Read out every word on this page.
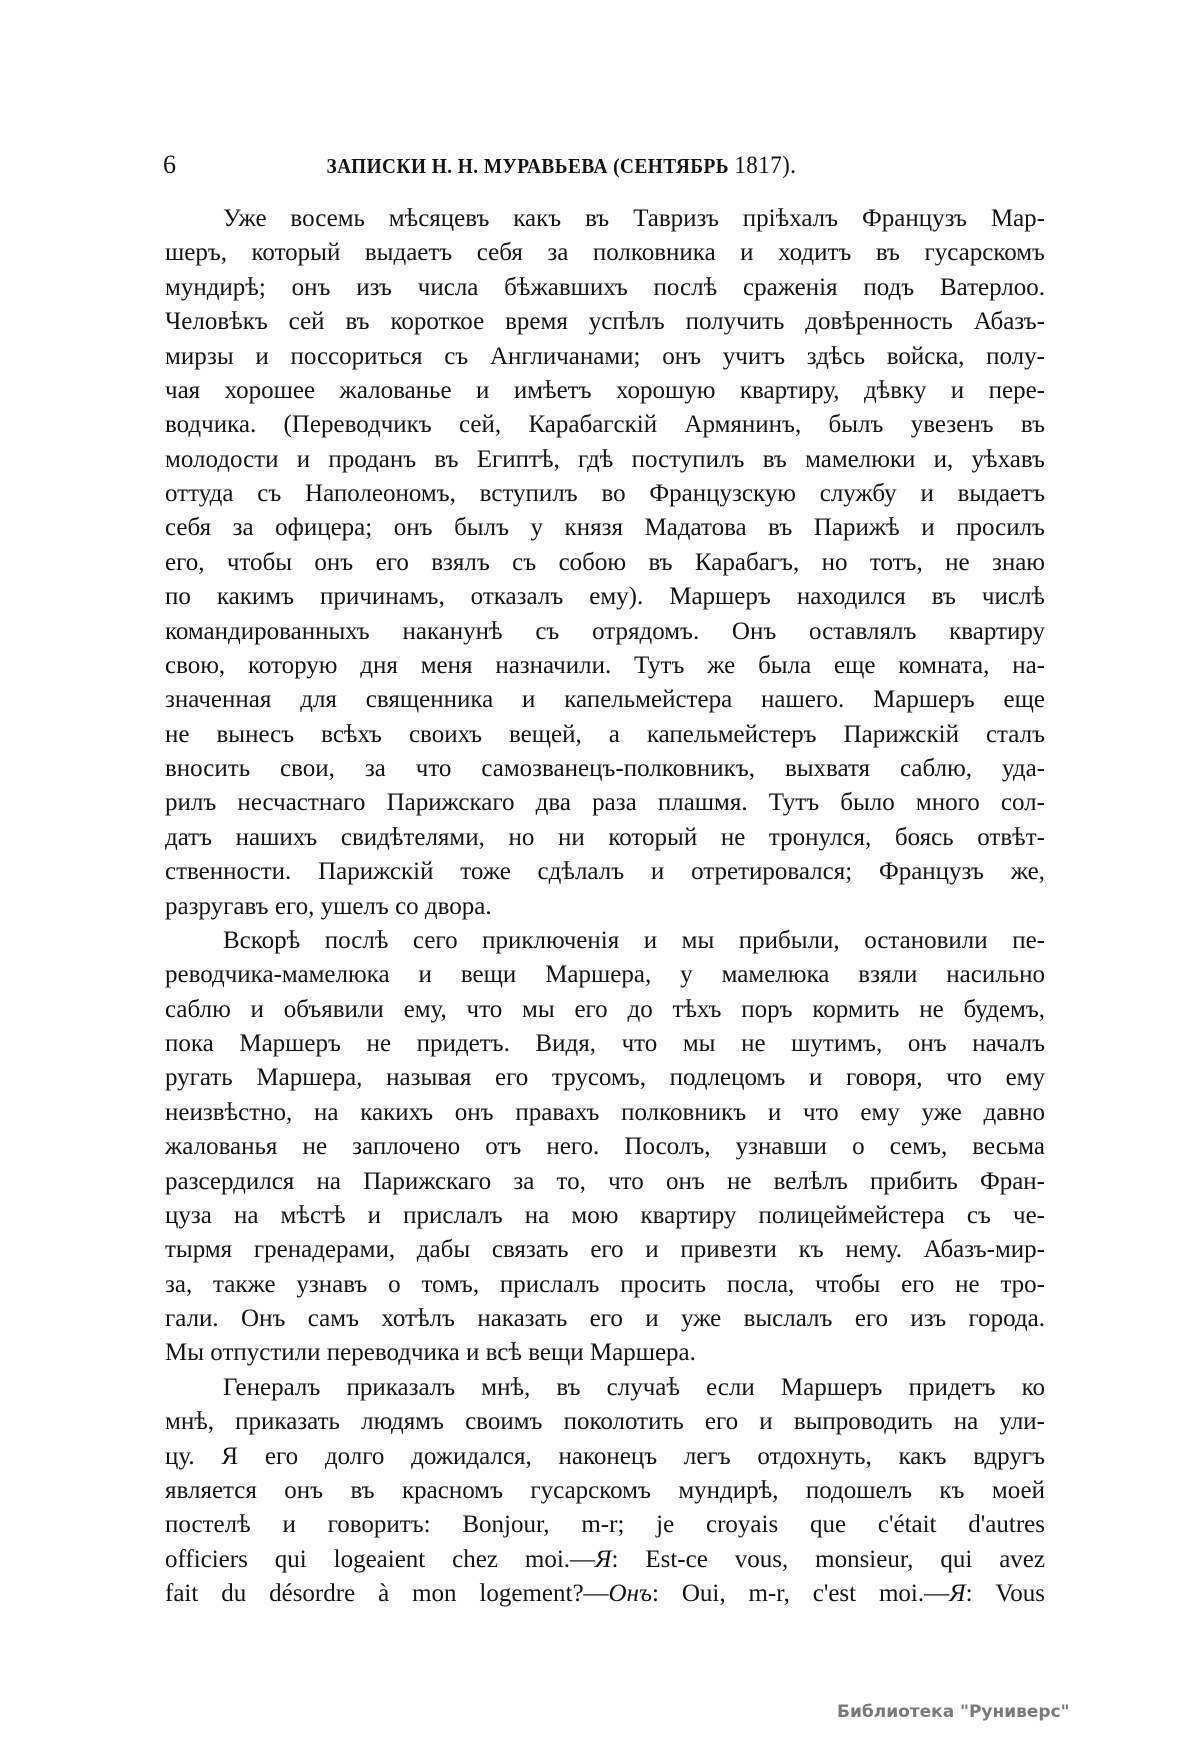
6	ЗАПИСКИ Н. Н. МУРАВЬЕВА (СЕНТЯБРЬ 1817).
Уже восемь мѣсяцевъ какъ въ Тавризъ пріѣхалъ Французъ Мар-
шеръ, который выдаетъ себя за полковника и ходитъ въ гусарскомъ
мундирѣ; онъ изъ числа бѣжавшихъ послѣ сраженія подъ Ватерлоо.
Человѣкъ сей въ короткое время успѣлъ получить довѣренность Абазъ-
мирзы и поссориться съ Англичанами; онъ учитъ здѣсь войска, полу-
чая хорошее жалованье и имѣетъ хорошую квартиру, дѣвку и пере-
водчика. (Переводчикъ сей, Карабагскій Армянинъ, былъ увезенъ въ
молодости и проданъ въ Египтѣ, гдѣ поступилъ въ мамелюки и, уѣхавъ
оттуда съ Наполеономъ, вступилъ во Французскую службу и выдаетъ
себя за офицера; онъ былъ у князя Мадатова въ Парижѣ и просилъ
его, чтобы онъ его взялъ съ собою въ Карабагъ, но тотъ, не знаю
по какимъ причинамъ, отказалъ ему). Маршеръ находился въ числѣ
командированныхъ наканунѣ съ отрядомъ. Онъ оставлялъ квартиру
свою, которую дня меня назначили. Тутъ же была еще комната, на-
значенная для священника и капельмейстера нашего. Маршеръ еще
не вынесъ всѣхъ своихъ вещей, а капельмейстеръ Парижскій сталъ
вносить свои, за что самозванецъ-полковникъ, выхватя саблю, уда-
рилъ несчастнаго Парижскаго два раза плашмя. Тутъ было много сол-
датъ нашихъ свидѣтелями, но ни который не тронулся, боясь отвѣт-
ственности. Парижскій тоже сдѣлалъ и отретировался; Французъ же,
разругавъ его, ушелъ со двора.
Вскорѣ послѣ сего приключенія и мы прибыли, остановили пе-
реводчика-мамелюка и вещи Маршера, у мамелюка взяли насильно
саблю и объявили ему, что мы его до тѣхъ поръ кормить не будемъ,
пока Маршеръ не придетъ. Видя, что мы не шутимъ, онъ началъ
ругать Маршера, называя его трусомъ, подлецомъ и говоря, что ему
неизвѣстно, на какихъ онъ правахъ полковникъ и что ему уже давно
жалованья не заплочено отъ него. Посолъ, узнавши о семъ, весьма
разсердился на Парижскаго за то, что онъ не велѣлъ прибить Фран-
цуза на мѣстѣ и прислалъ на мою квартиру полицеймейстера съ че-
тырмя гренадерами, дабы связать его и привезти къ нему. Абазъ-мир-
за, также узнавъ о томъ, прислалъ просить посла, чтобы его не тро-
гали. Онъ самъ хотѣлъ наказать его и уже выслалъ его изъ города.
Мы отпустили переводчика и всѣ вещи Маршера.
Генералъ приказалъ мнѣ, въ случаѣ если Маршеръ придетъ ко
мнѣ, приказать людямъ своимъ поколотить его и выпроводить на ули-
цу. Я его долго дожидался, наконецъ легъ отдохнуть, какъ вдругъ
является онъ въ красномъ гусарскомъ мундирѣ, подошелъ къ моей
постелѣ и говоритъ: Bonjour, m-r; je croyais que c'était d'autres
officiers qui logeaient chez moi.—Я: Est-ce vous, monsieur, qui avez
fait du désordre à mon logement?—Онъ: Oui, m-r, c'est moi.—Я: Vous
Библиотека "Руниверс"
